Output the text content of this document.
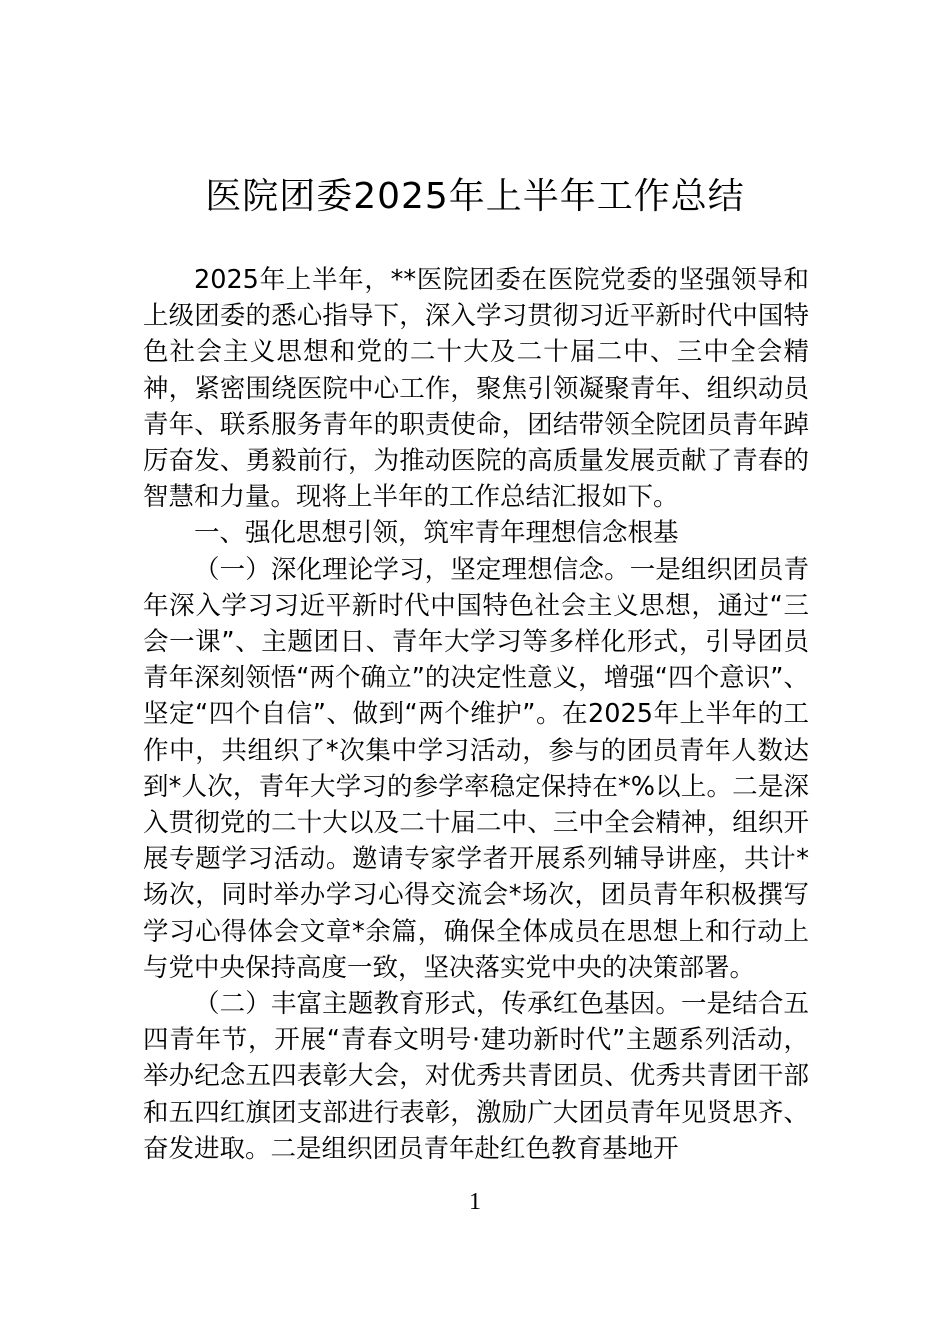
医院团委2025年上半年工作总结

2025年上半年，**医院团委在医院党委的坚强领导和上级团委的悉心指导下，深入学习贯彻习近平新时代中国特色社会主义思想和党的二十大及二十届二中、三中全会精神，紧密围绕医院中心工作，聚焦引领凝聚青年、组织动员青年、联系服务青年的职责使命，团结带领全院团员青年踔厉奋发、勇毅前行，为推动医院的高质量发展贡献了青春的智慧和力量。现将上半年的工作总结汇报如下。

一、强化思想引领，筑牢青年理想信念根基

（一）深化理论学习，坚定理想信念。一是组织团员青年深入学习习近平新时代中国特色社会主义思想，通过“三会一课”、主题团日、青年大学习等多样化形式，引导团员青年深刻领悟“两个确立”的决定性意义，增强“四个意识”、坚定“四个自信”、做到“两个维护”。在2025年上半年的工作中，共组织了*次集中学习活动，参与的团员青年人数达到*人次，青年大学习的参学率稳定保持在*%以上。二是深入贯彻党的二十大以及二十届二中、三中全会精神，组织开展专题学习活动。邀请专家学者开展系列辅导讲座，共计*场次，同时举办学习心得交流会*场次，团员青年积极撰写学习心得体会文章*余篇，确保全体成员在思想上和行动上与党中央保持高度一致，坚决落实党中央的决策部署。

（二）丰富主题教育形式，传承红色基因。一是结合五四青年节，开展“青春文明号·建功新时代”主题系列活动，举办纪念五四表彰大会，对优秀共青团员、优秀共青团干部和五四红旗团支部进行表彰，激励广大团员青年见贤思齐、奋发进取。二是组织团员青年赴红色教育基地开

1
